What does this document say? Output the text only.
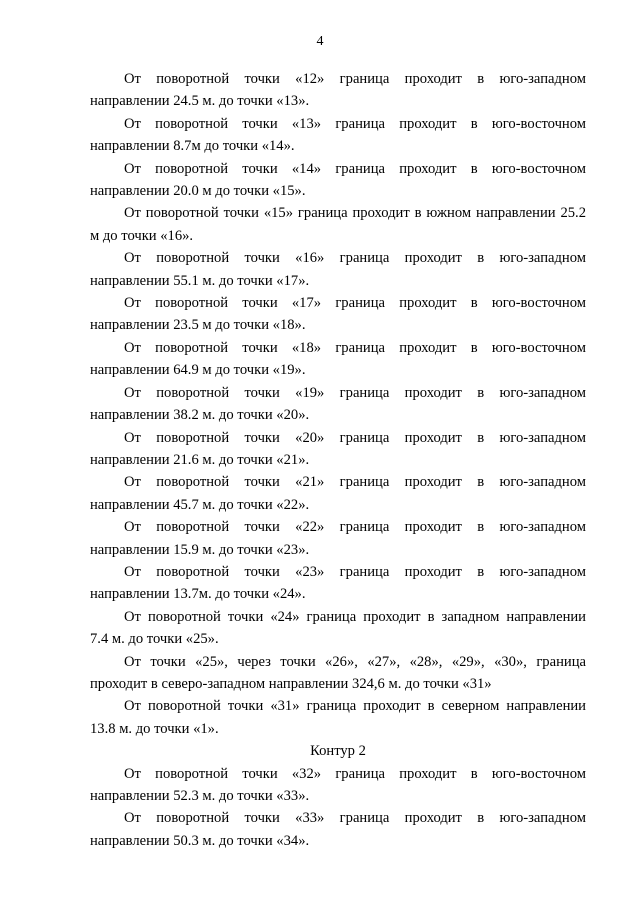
4
От поворотной точки «12» граница проходит в юго-западном
направлении 24.5 м. до точки «13».
От поворотной точки «13» граница проходит в юго-восточном
направлении 8.7м до точки «14».
От поворотной точки «14» граница проходит в юго-восточном
направлении 20.0 м до точки «15».
От поворотной точки «15» граница проходит в южном направлении 25.2
м до точки «16».
От поворотной точки «16» граница проходит в юго-западном
направлении 55.1 м. до точки «17».
От поворотной точки «17» граница проходит в юго-восточном
направлении 23.5 м до точки «18».
От поворотной точки «18» граница проходит в юго-восточном
направлении 64.9 м до точки «19».
От поворотной точки «19» граница проходит в юго-западном
направлении 38.2 м. до точки «20».
От поворотной точки «20» граница проходит в юго-западном
направлении 21.6 м. до точки «21».
От поворотной точки «21» граница проходит в юго-западном
направлении 45.7 м. до точки «22».
От поворотной точки «22» граница проходит в юго-западном
направлении 15.9 м. до точки «23».
От поворотной точки «23» граница проходит в юго-западном
направлении 13.7м. до точки «24».
От поворотной точки «24» граница проходит в западном направлении
7.4 м. до точки «25».
От точки «25», через точки «26», «27», «28», «29», «30», граница
проходит в северо-западном направлении 324,6 м. до точки «31»
От поворотной точки «31» граница проходит в северном направлении
13.8 м. до точки «1».
Контур 2
От поворотной точки «32» граница проходит в юго-восточном
направлении 52.3 м. до точки «33».
От поворотной точки «33» граница проходит в юго-западном
направлении 50.3 м. до точки «34».
